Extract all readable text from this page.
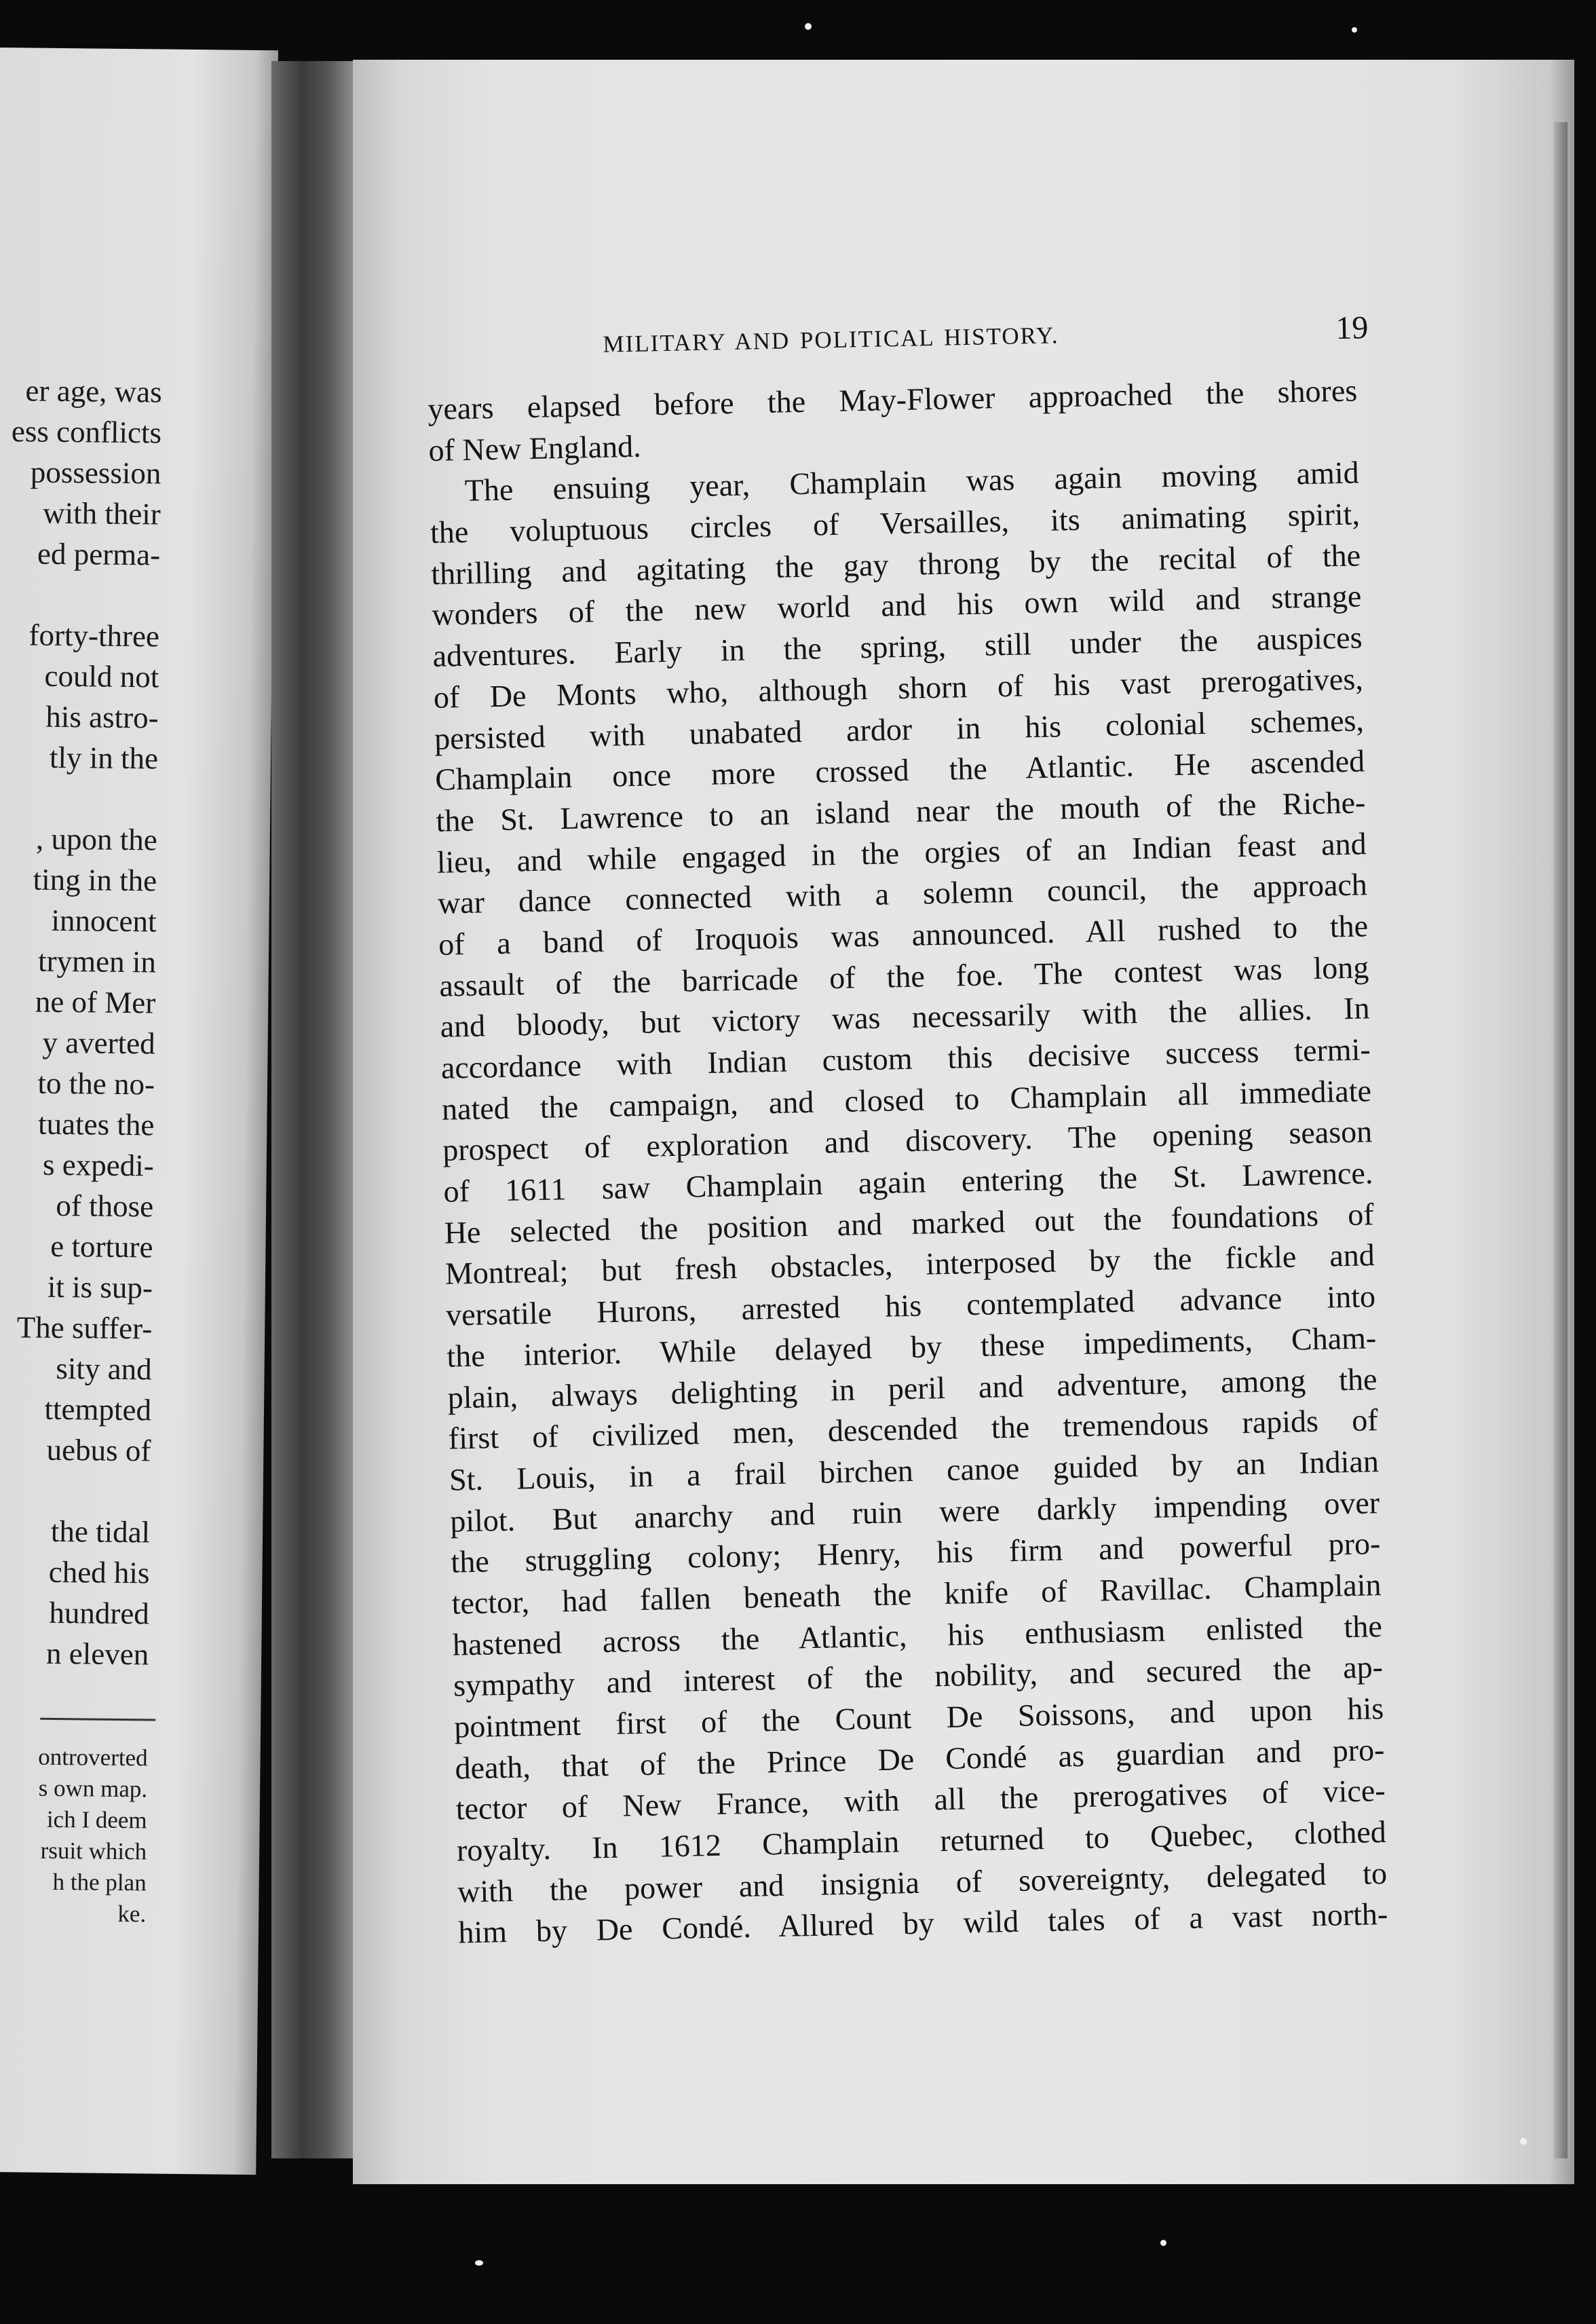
er age, was
ess conflicts
possession
with their
ed perma-
forty-three
could not
his astro-
tly in the
, upon the
ting in the
innocent
trymen in
ne of Mer
y averted
to the no-
tuates the
s expedi-
of those
e torture
it is sup-
The suffer-
sity and
ttempted
uebus of
the tidal
ched his
hundred
n eleven
ontroverted
s own map.
ich I deem
rsuit which
h the plan
ke.
MILITARY AND POLITICAL HISTORY.	19
years elapsed before the May-Flower approached the shores
of New England.
The ensuing year, Champlain was again moving amid
the voluptuous circles of Versailles, its animating spirit,
thrilling and agitating the gay throng by the recital of the
wonders of the new world and his own wild and strange
adventures. Early in the spring, still under the auspices
of De Monts who, although shorn of his vast prerogatives,
persisted with unabated ardor in his colonial schemes,
Champlain once more crossed the Atlantic. He ascended
the St. Lawrence to an island near the mouth of the Riche-
lieu, and while engaged in the orgies of an Indian feast and
war dance connected with a solemn council, the approach
of a band of Iroquois was announced. All rushed to the
assault of the barricade of the foe. The contest was long
and bloody, but victory was necessarily with the allies. In
accordance with Indian custom this decisive success termi-
nated the campaign, and closed to Champlain all immediate
prospect of exploration and discovery. The opening season
of 1611 saw Champlain again entering the St. Lawrence.
He selected the position and marked out the foundations of
Montreal; but fresh obstacles, interposed by the fickle and
versatile Hurons, arrested his contemplated advance into
the interior. While delayed by these impediments, Cham-
plain, always delighting in peril and adventure, among the
first of civilized men, descended the tremendous rapids of
St. Louis, in a frail birchen canoe guided by an Indian
pilot. But anarchy and ruin were darkly impending over
the struggling colony; Henry, his firm and powerful pro-
tector, had fallen beneath the knife of Ravillac. Champlain
hastened across the Atlantic, his enthusiasm enlisted the
sympathy and interest of the nobility, and secured the ap-
pointment first of the Count De Soissons, and upon his
death, that of the Prince De Condé as guardian and pro-
tector of New France, with all the prerogatives of vice-
royalty. In 1612 Champlain returned to Quebec, clothed
with the power and insignia of sovereignty, delegated to
him by De Condé. Allured by wild tales of a vast north-
